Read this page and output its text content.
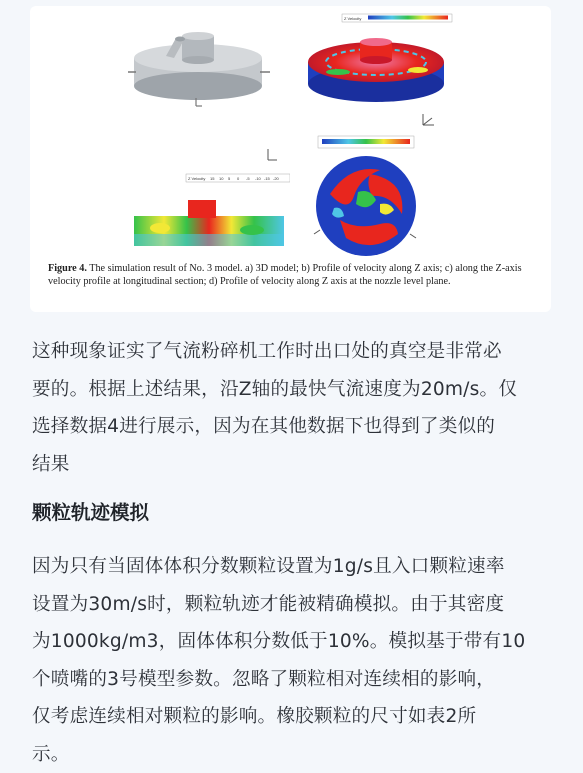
Z Velocity
Z Velocity 15 10 5 0 -5 -10 -15 -20
Figure 4. The simulation result of No. 3 model. a) 3D model; b) Profile of velocity along Z axis; c) along the Z-axis velocity profile at longitudinal section; d) Profile of velocity along Z axis at the nozzle level plane.
这种现象证实了气流粉碎机工作时出口处的真空是非常必
要的。根据上述结果，沿Z轴的最快气流速度为20m/s。仅
选择数据4进行展示，因为在其他数据下也得到了类似的
结果
颗粒轨迹模拟
因为只有当固体体积分数颗粒设置为1g/s且入口颗粒速率
设置为30m/s时，颗粒轨迹才能被精确模拟。由于其密度
为1000kg/m3，固体体积分数低于10%。模拟基于带有10
个喷嘴的3号模型参数。忽略了颗粒相对连续相的影响，
仅考虑连续相对颗粒的影响。橡胶颗粒的尺寸如表2所
示。
